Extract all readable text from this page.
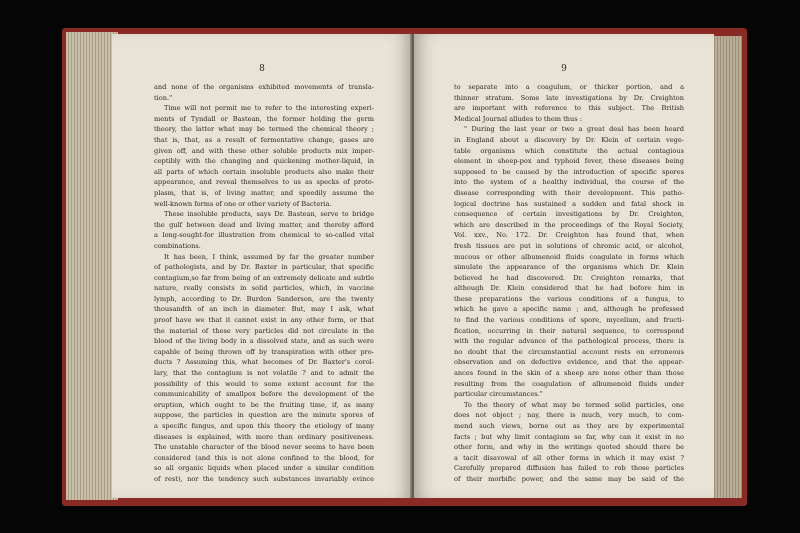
8
and none of the organisms exhibited movements of transla-
tion."
Time will not permit me to refer to the interesting experi-
ments of Tyndall or Bastean, the former holding the germ
theory, the latter what may be termed the chemical theory ;
that is, that, as a result of fermentative change, gases are
given off, and with these other soluble products mix imper-
ceptibly with the changing and quickening mother-liquid, in
all parts of which certain insoluble products also make their
appearance, and reveal themselves to us as specks of proto-
plasm, that is, of living matter, and speedily assume the
well-known forms of one or other variety of Bacteria.
These insoluble products, says Dr. Bastean, serve to bridge
the gulf between dead and living matter, and thereby afford
a long-sought-for illustration from chemical to so-called vital
combinations.
It has been, I think, assumed by far the greater number
of pathologists, and by Dr. Baxter in particular, that specific
contagium,so far from being of an extremely delicate and subtle
nature, really consists in solid particles, which, in vaccine
lymph, according to Dr. Burdon Sanderson, are the twenty
thousandth of an inch in diameter. But, may I ask, what
proof have we that it cannot exist in any other form, or that
the material of these very particles did not circulate in the
blood of the living body in a dissolved state, and as such were
capable of being thrown off by transpiration with other pro-
ducts ? Assuming this, what becomes of Dr. Baxter's corol-
lary, that the contagium is not volatile ? and to admit the
possibility of this would to some extent account for the
communicability of smallpox before the development of the
eruption, which ought to be the fruiting time, if, as many
suppose, the particles in question are the minute spores of
a specific fungus, and upon this theory the etiology of many
diseases is explained, with more than ordinary positiveness.
The unstable character of the blood never seems to have been
considered (and this is not alone confined to the blood, for
so all organic liquids when placed under a similar condition
of rest), nor the tendency such substances invariably evince
9
to separate into a coagulum, or thicker portion, and a
thinner stratum. Some late investigations by Dr. Creighton
are important with reference to this subject. The British
Medical Journal alludes to them thus :
" During the last year or two a great deal has been heard
in England about a discovery by Dr. Klein of certain vege-
table organisms which constitute the actual contagious
element in sheep-pox and typhoid fever, these diseases being
supposed to be caused by the introduction of specific spores
into the system of a healthy individual, the course of the
disease corresponding with their development. This patho-
logical doctrine has sustained a sudden and fatal shock in
consequence of certain investigations by Dr. Creighton,
which are described in the proceedings of the Royal Society,
Vol. xxv., No. 172. Dr. Creighton has found that, when
fresh tissues are put in solutions of chromic acid, or alcohol,
mucous or other albumenoid fluids coagulate in forms which
simulate the appearance of the organisms which Dr. Klein
believed he had discovered. Dr. Creighton remarks, that
although Dr. Klein considered that he had before him in
these preparations the various conditions of a fungus, to
which he gave a specific name ; and, although he professed
to find the various conditions of spore, mycelium, and fructi-
fication, occurring in their natural sequence, to correspond
with the regular advance of the pathological process, there is
no doubt that the circumstantial account rests on erroneous
observation and on defective evidence, and that the appear-
ances found in the skin of a sheep are none other than those
resulting from the coagulation of albumenoid fluids under
particular circumstances."
To the theory of what may be termed solid particles, one
does not object ; nay, there is much, very much, to com-
mend such views, borne out as they are by experimental
facts ; but why limit contagium so far, why can it exist in no
other form, and why in the writings quoted should there be
a tacit disavowal of all other forms in which it may exist ?
Carefully prepared diffusion has failed to rob those particles
of their morbific power, and the same may be said of the
